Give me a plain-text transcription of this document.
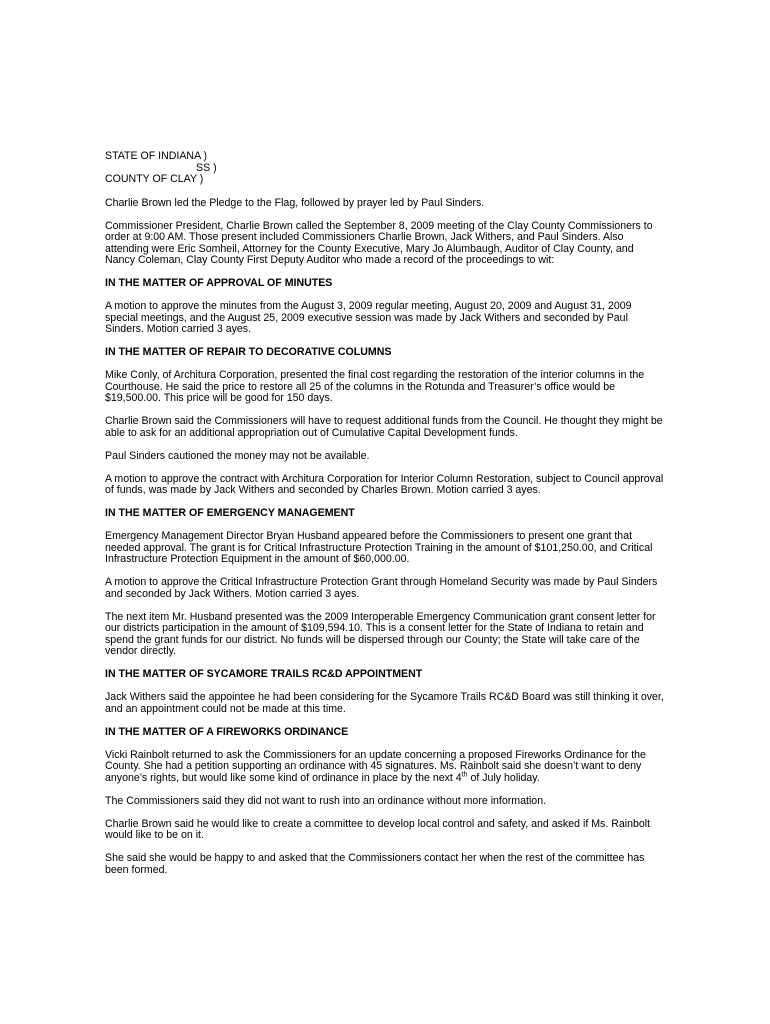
STATE OF INDIANA )
SS )
COUNTY OF CLAY )

Charlie Brown led the Pledge to the Flag, followed by prayer led by Paul Sinders.

Commissioner President, Charlie Brown called the September 8, 2009 meeting of the Clay County Commissioners to order at 9:00 AM. Those present included Commissioners Charlie Brown, Jack Withers, and Paul Sinders. Also attending were Eric Somheil, Attorney for the County Executive, Mary Jo Alumbaugh, Auditor of Clay County, and Nancy Coleman, Clay County First Deputy Auditor who made a record of the proceedings to wit:

IN THE MATTER OF APPROVAL OF MINUTES

A motion to approve the minutes from the August 3, 2009 regular meeting, August 20, 2009 and August 31, 2009 special meetings, and the August 25, 2009 executive session was made by Jack Withers and seconded by Paul Sinders. Motion carried 3 ayes.

IN THE MATTER OF REPAIR TO DECORATIVE COLUMNS

Mike Conly, of Architura Corporation, presented the final cost regarding the restoration of the interior columns in the Courthouse. He said the price to restore all 25 of the columns in the Rotunda and Treasurer’s office would be $19,500.00. This price will be good for 150 days.

Charlie Brown said the Commissioners will have to request additional funds from the Council. He thought they might be able to ask for an additional appropriation out of Cumulative Capital Development funds.

Paul Sinders cautioned the money may not be available.

A motion to approve the contract with Architura Corporation for Interior Column Restoration, subject to Council approval of funds, was made by Jack Withers and seconded by Charles Brown. Motion carried 3 ayes.

IN THE MATTER OF EMERGENCY MANAGEMENT

Emergency Management Director Bryan Husband appeared before the Commissioners to present one grant that needed approval. The grant is for Critical Infrastructure Protection Training in the amount of $101,250.00, and Critical Infrastructure Protection Equipment in the amount of $60,000.00.

A motion to approve the Critical Infrastructure Protection Grant through Homeland Security was made by Paul Sinders and seconded by Jack Withers. Motion carried 3 ayes.

The next item Mr. Husband presented was the 2009 Interoperable Emergency Communication grant consent letter for our districts participation in the amount of $109,594.10. This is a consent letter for the State of Indiana to retain and spend the grant funds for our district. No funds will be dispersed through our County; the State will take care of the vendor directly.

IN THE MATTER OF SYCAMORE TRAILS RC&D APPOINTMENT

Jack Withers said the appointee he had been considering for the Sycamore Trails RC&D Board was still thinking it over, and an appointment could not be made at this time.

IN THE MATTER OF A FIREWORKS ORDINANCE

Vicki Rainbolt returned to ask the Commissioners for an update concerning a proposed Fireworks Ordinance for the County. She had a petition supporting an ordinance with 45 signatures. Ms. Rainbolt said she doesn’t want to deny anyone’s rights, but would like some kind of ordinance in place by the next 4th of July holiday.

The Commissioners said they did not want to rush into an ordinance without more information.

Charlie Brown said he would like to create a committee to develop local control and safety, and asked if Ms. Rainbolt would like to be on it.

She said she would be happy to and asked that the Commissioners contact her when the rest of the committee has been formed.
